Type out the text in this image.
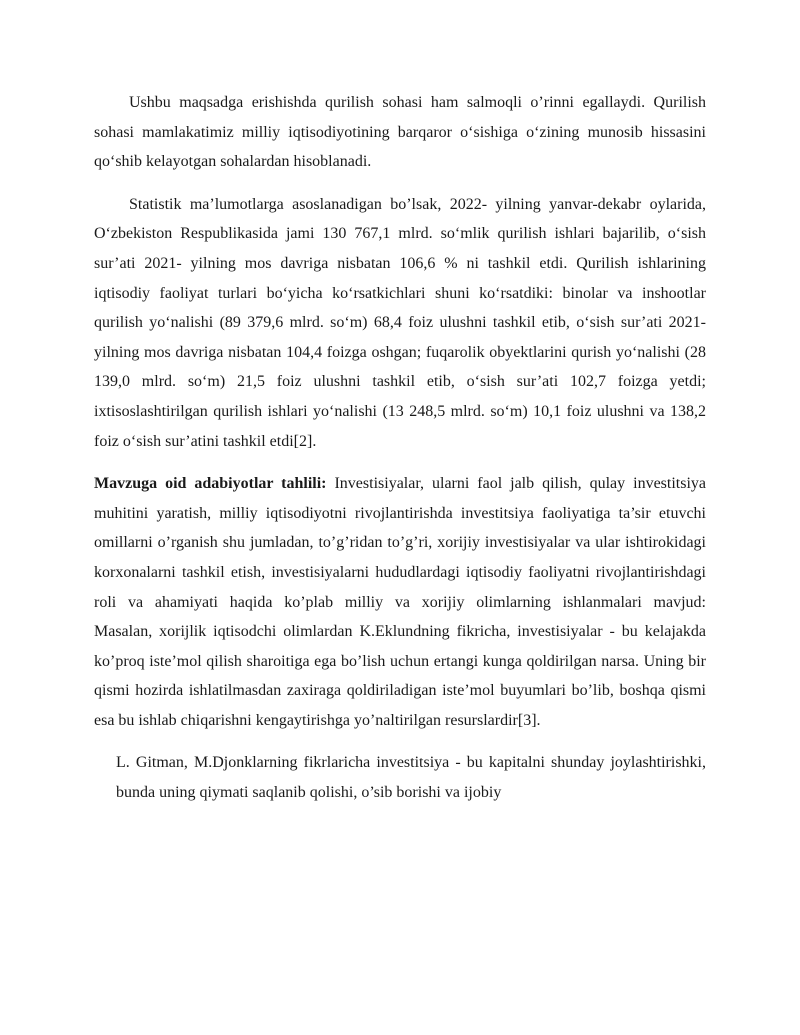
Ushbu maqsadga erishishda qurilish sohasi ham salmoqli o’rinni egallaydi. Qurilish sohasi mamlakatimiz milliy iqtisodiyotining barqaror o‘sishiga o‘zining munosib hissasini qo‘shib kelayotgan sohalardan hisoblanadi.

Statistik ma’lumotlarga asoslanadigan bo’lsak, 2022- yilning yanvar-dekabr oylarida, O‘zbekiston Respublikasida jami 130 767,1 mlrd. so‘mlik qurilish ishlari bajarilib, o‘sish sur’ati 2021- yilning mos davriga nisbatan 106,6 % ni tashkil etdi. Qurilish ishlarining iqtisodiy faoliyat turlari bo‘yicha ko‘rsatkichlari shuni ko‘rsatdiki: binolar va inshootlar qurilish yo‘nalishi (89 379,6 mlrd. so‘m) 68,4 foiz ulushni tashkil etib, o‘sish sur’ati 2021- yilning mos davriga nisbatan 104,4 foizga oshgan; fuqarolik obyektlarini qurish yo‘nalishi (28 139,0 mlrd. so‘m) 21,5 foiz ulushni tashkil etib, o‘sish sur’ati 102,7 foizga yetdi; ixtisoslashtirilgan qurilish ishlari yo‘nalishi (13 248,5 mlrd. so‘m) 10,1 foiz ulushni va 138,2 foiz o‘sish sur’atini tashkil etdi[2].

Mavzuga oid adabiyotlar tahlili: Investisiyalar, ularni faol jalb qilish, qulay investitsiya muhitini yaratish, milliy iqtisodiyotni rivojlantirishda investitsiya faoliyatiga ta’sir etuvchi omillarni o’rganish shu jumladan, to’g’ridan to’g’ri, xorijiy investisiyalar va ular ishtirokidagi korxonalarni tashkil etish, investisiyalarni hududlardagi iqtisodiy faoliyatni rivojlantirishdagi roli va ahamiyati haqida ko’plab milliy va xorijiy olimlarning ishlanmalari mavjud:                     Masalan, xorijlik iqtisodchi olimlardan K.Eklundning fikricha, investisiyalar - bu kelajakda ko’proq iste’mol qilish sharoitiga ega bo’lish uchun ertangi kunga qoldirilgan narsa. Uning bir qismi hozirda ishlatilmasdan zaxiraga qoldiriladigan iste’mol buyumlari bo’lib, boshqa qismi esa bu ishlab chiqarishni kengaytirishga yo’naltirilgan resurslardir[3].

L. Gitman, M.Djonklarning fikrlaricha investitsiya - bu kapitalni shunday joylashtirishki, bunda uning qiymati saqlanib qolishi, o’sib borishi va ijobiy
